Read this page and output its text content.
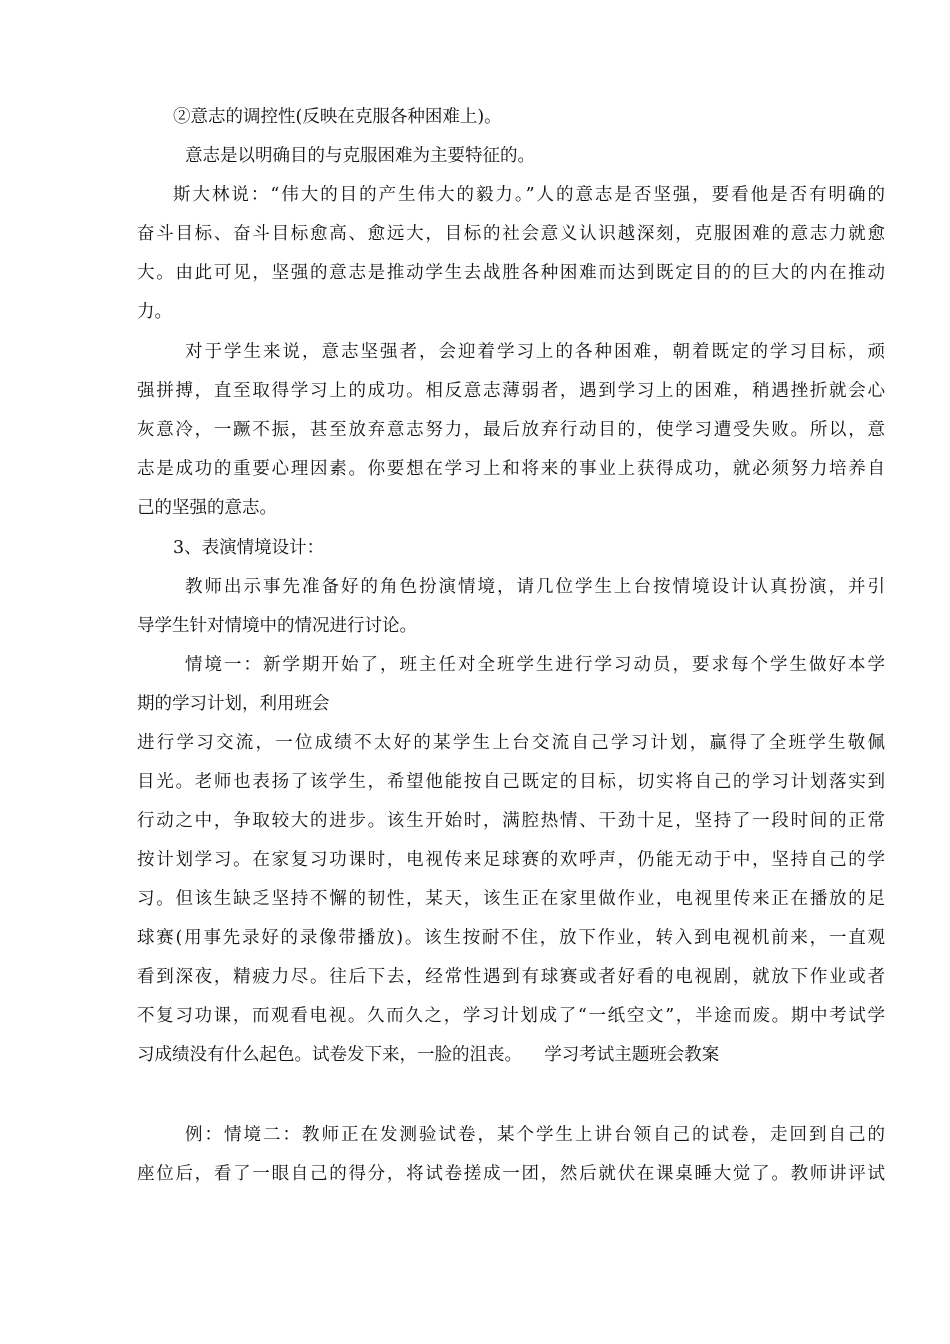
②意志的调控性(反映在克服各种困难上)。
意志是以明确目的与克服困难为主要特征的。
斯大林说：“伟大的目的产生伟大的毅力。”人的意志是否坚强，要看他是否有明确的
奋斗目标、奋斗目标愈高、愈远大，目标的社会意义认识越深刻，克服困难的意志力就愈
大。由此可见，坚强的意志是推动学生去战胜各种困难而达到既定目的的巨大的内在推动
力。
对于学生来说，意志坚强者，会迎着学习上的各种困难，朝着既定的学习目标，顽
强拼搏，直至取得学习上的成功。相反意志薄弱者，遇到学习上的困难，稍遇挫折就会心
灰意冷，一蹶不振，甚至放弃意志努力，最后放弃行动目的，使学习遭受失败。所以，意
志是成功的重要心理因素。你要想在学习上和将来的事业上获得成功，就必须努力培养自
己的坚强的意志。
3、表演情境设计：
教师出示事先准备好的角色扮演情境，请几位学生上台按情境设计认真扮演，并引
导学生针对情境中的情况进行讨论。
情境一：新学期开始了，班主任对全班学生进行学习动员，要求每个学生做好本学
期的学习计划，利用班会
进行学习交流，一位成绩不太好的某学生上台交流自己学习计划，赢得了全班学生敬佩
目光。老师也表扬了该学生，希望他能按自己既定的目标，切实将自己的学习计划落实到
行动之中，争取较大的进步。该生开始时，满腔热情、干劲十足，坚持了一段时间的正常
按计划学习。在家复习功课时，电视传来足球赛的欢呼声，仍能无动于中，坚持自己的学
习。但该生缺乏坚持不懈的韧性，某天，该生正在家里做作业，电视里传来正在播放的足
球赛(用事先录好的录像带播放)。该生按耐不住，放下作业，转入到电视机前来，一直观
看到深夜，精疲力尽。往后下去，经常性遇到有球赛或者好看的电视剧，就放下作业或者
不复习功课，而观看电视。久而久之，学习计划成了“一纸空文”，半途而废。期中考试学
习成绩没有什么起色。试卷发下来，一脸的沮丧。    学习考试主题班会教案
例：情境二：教师正在发测验试卷，某个学生上讲台领自己的试卷，走回到自己的
座位后，看了一眼自己的得分，将试卷搓成一团，然后就伏在课桌睡大觉了。教师讲评试
